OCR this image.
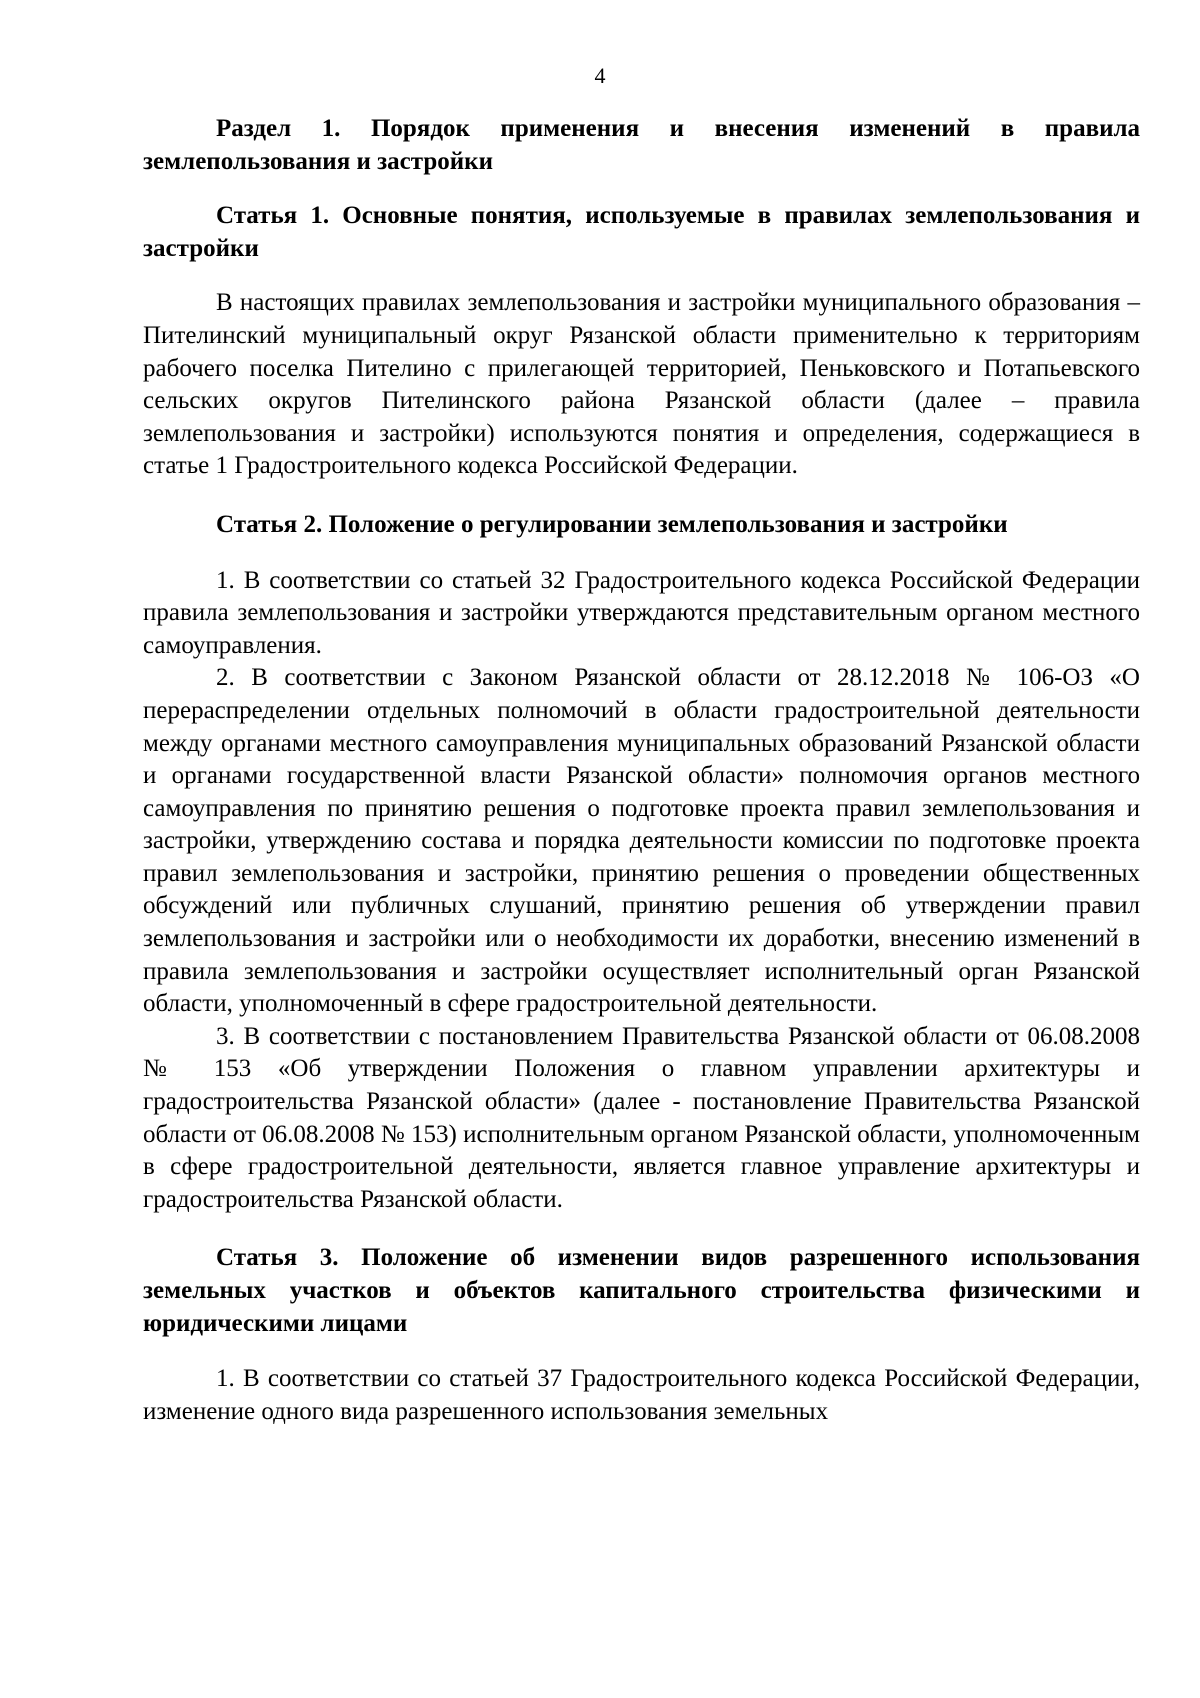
4

Раздел 1. Порядок применения и внесения изменений в правила землепользования и застройки

Статья 1. Основные понятия, используемые в правилах землепользования и застройки

В настоящих правилах землепользования и застройки муниципального образования – Пителинский муниципальный округ Рязанской области применительно к территориям рабочего поселка Пителино с прилегающей территорией, Пеньковского и Потапьевского сельских округов Пителинского района Рязанской области (далее – правила землепользования и застройки) используются понятия и определения, содержащиеся в статье 1 Градостроительного кодекса Российской Федерации.

Статья 2. Положение о регулировании землепользования и застройки

1. В соответствии со статьей 32 Градостроительного кодекса Российской Федерации правила землепользования и застройки утверждаются представительным органом местного самоуправления.

2. В соответствии с Законом Рязанской области от 28.12.2018 № 106-ОЗ «О перераспределении отдельных полномочий в области градостроительной деятельности между органами местного самоуправления муниципальных образований Рязанской области и органами государственной власти Рязанской области» полномочия органов местного самоуправления по принятию решения о подготовке проекта правил землепользования и застройки, утверждению состава и порядка деятельности комиссии по подготовке проекта правил землепользования и застройки, принятию решения о проведении общественных обсуждений или публичных слушаний, принятию решения об утверждении правил землепользования и застройки или о необходимости их доработки, внесению изменений в правила землепользования и застройки осуществляет исполнительный орган Рязанской области, уполномоченный в сфере градостроительной деятельности.

3. В соответствии с постановлением Правительства Рязанской области от 06.08.2008 № 153 «Об утверждении Положения о главном управлении архитектуры и градостроительства Рязанской области» (далее - постановление Правительства Рязанской области от 06.08.2008 № 153) исполнительным органом Рязанской области, уполномоченным в сфере градостроительной деятельности, является главное управление архитектуры и градостроительства Рязанской области.

Статья 3. Положение об изменении видов разрешенного использования земельных участков и объектов капитального строительства физическими и юридическими лицами

1. В соответствии со статьей 37 Градостроительного кодекса Российской Федерации, изменение одного вида разрешенного использования земельных
